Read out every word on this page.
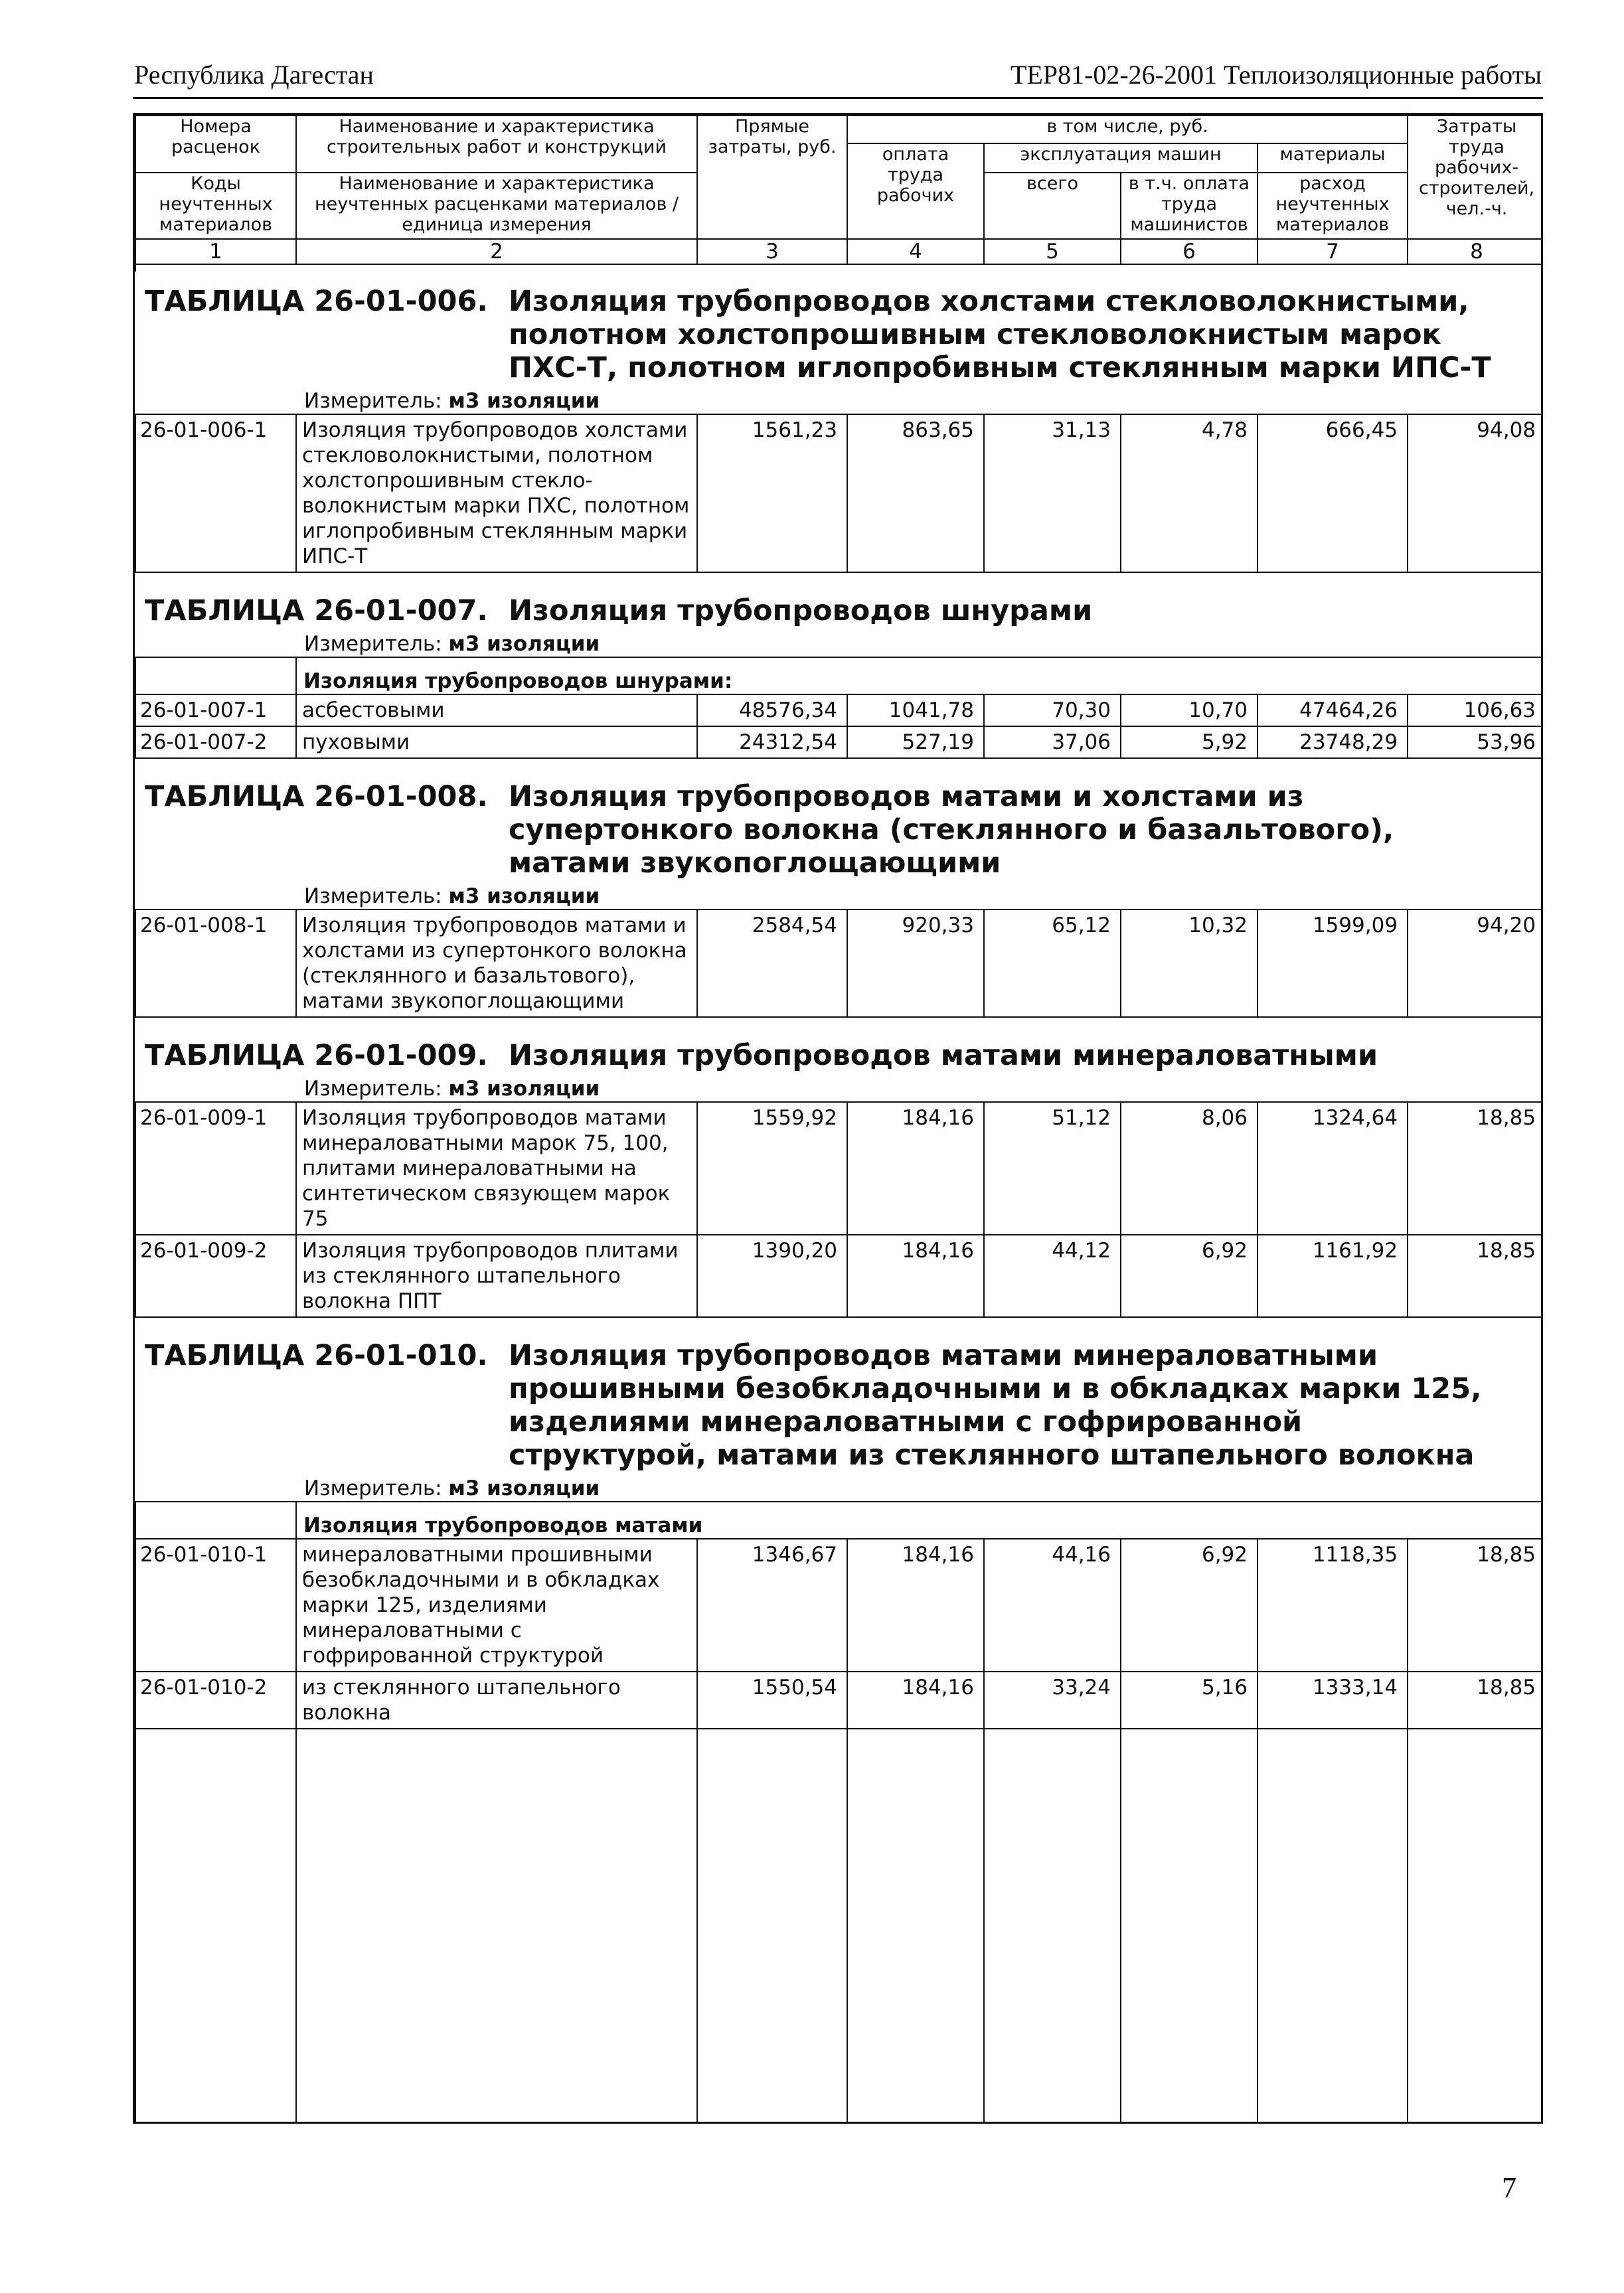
Республика Дагестан	ТЕР81-02-26-2001 Теплоизоляционные работы
Номера расценок	Наименование и характеристика строительных работ и конструкций	Прямые затраты, руб.	в том числе, руб.				Затраты труда рабочих-строителей, чел.-ч.
			оплата труда рабочих	эксплуатация машин		материалы	
Коды неучтенных материалов	Наименование и характеристика неучтенных расценками материалов / единица измерения			всего	в т.ч. оплата труда машинистов	расход неучтенных материалов	

1	2	3	4	5	6	7	8

ТАБЛИЦА 26-01-006. Изоляция трубопроводов холстами стекловолокнистыми, полотном холстопрошивным стекловолокнистым марок ПХС-Т, полотном иглопробивным стеклянным марки ИПС-Т							
Измеритель: м3 изоляции							
26-01-006-1	Изоляция трубопроводов холстами стекловолокнистыми, полотном холстопрошивным стекло- волокнистым марки ПХС, полотном иглопробивным стеклянным марки ИПС-Т	1561,23	863,65	31,13	4,78	666,45	94,08
ТАБЛИЦА 26-01-007. Изоляция трубопроводов шнурами							
Измеритель: м3 изоляции							
	Изоляция трубопроводов шнурами:						
26-01-007-1	асбестовыми	48576,34	1041,78	70,30	10,70	47464,26	106,63
26-01-007-2	пуховыми	24312,54	527,19	37,06	5,92	23748,29	53,96
ТАБЛИЦА 26-01-008. Изоляция трубопроводов матами и холстами из супертонкого волокна (стеклянного и базальтового), матами звукопоглощающими							
Измеритель: м3 изоляции							
26-01-008-1	Изоляция трубопроводов матами и холстами из супертонкого волокна (стеклянного и базальтового), матами звукопоглощающими	2584,54	920,33	65,12	10,32	1599,09	94,20
ТАБЛИЦА 26-01-009. Изоляция трубопроводов матами минераловатными							
Измеритель: м3 изоляции							
26-01-009-1	Изоляция трубопроводов матами минераловатными марок 75, 100, плитами минераловатными на синтетическом связующем марок 75	1559,92	184,16	51,12	8,06	1324,64	18,85
26-01-009-2	Изоляция трубопроводов плитами из стеклянного штапельного волокна ППТ	1390,20	184,16	44,12	6,92	1161,92	18,85
ТАБЛИЦА 26-01-010. Изоляция трубопроводов матами минераловатными прошивными безобкладочными и в обкладках марки 125, изделиями минераловатными с гофрированной структурой, матами из стеклянного штапельного волокна							
Измеритель: м3 изоляции							
	Изоляция трубопроводов матами						
26-01-010-1	минераловатными прошивными безобкладочными и в обкладках марки 125, изделиями минераловатными с гофрированной структурой	1346,67	184,16	44,16	6,92	1118,35	18,85
26-01-010-2	из стеклянного штапельного волокна	1550,54	184,16	33,24	5,16	1333,14	18,85

7
